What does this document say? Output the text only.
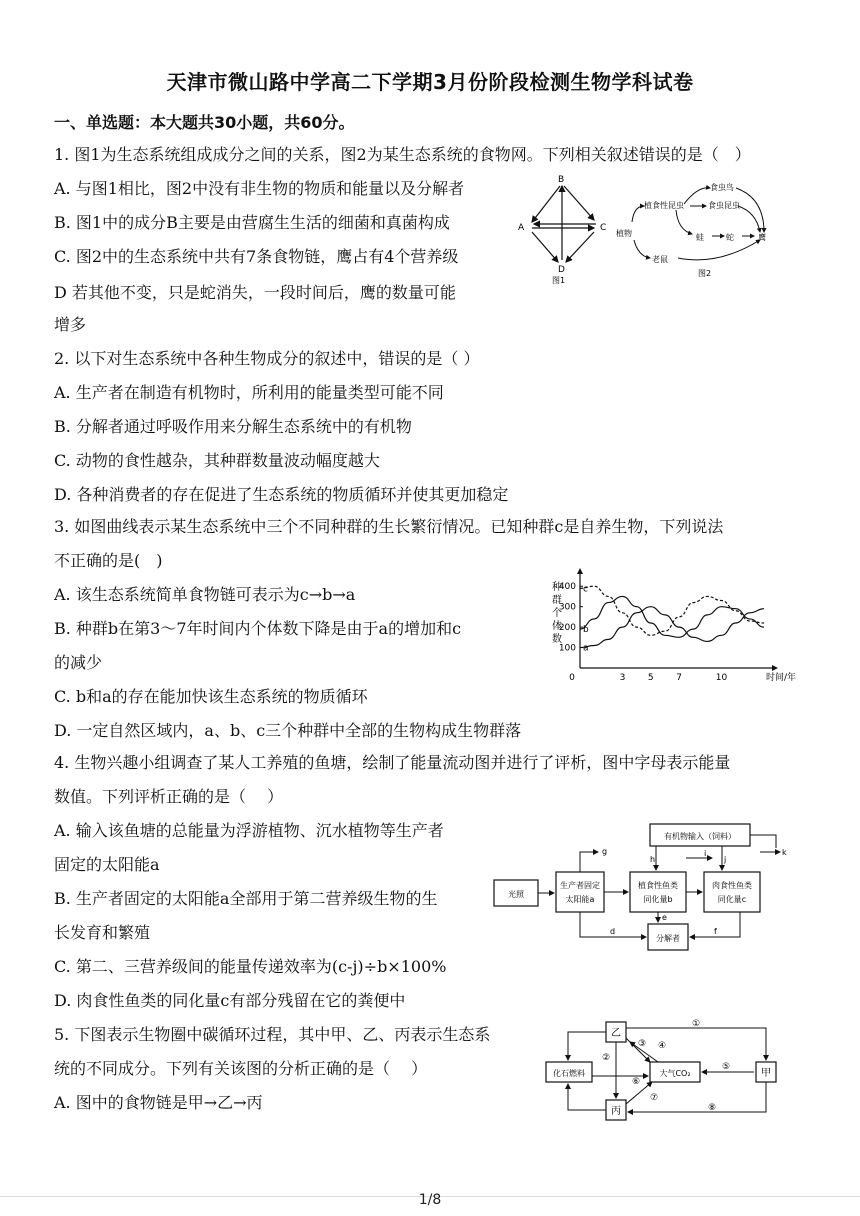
天津市微山路中学高二下学期3月份阶段检测生物学科试卷
一、单选题：本大题共30小题，共60分。
1. 图1为生态系统组成成分之间的关系，图2为某生态系统的食物网。下列相关叙述错误的是（　）
A. 与图1相比，图2中没有非生物的物质和能量以及分解者
B. 图1中的成分B主要是由营腐生生活的细菌和真菌构成
C. 图2中的生态系统中共有7条食物链，鹰占有4个营养级
D 若其他不变，只是蛇消失，一段时间后，鹰的数量可能
增多
B
A	C
D
图1
植物
植食性昆虫
食虫鸟
食虫昆虫
蛙	蛇	鹰
老鼠
图2
2. 以下对生态系统中各种生物成分的叙述中，错误的是（ ）
A. 生产者在制造有机物时，所利用的能量类型可能不同
B. 分解者通过呼吸作用来分解生态系统中的有机物
C. 动物的食性越杂，其种群数量波动幅度越大
D. 各种消费者的存在促进了生态系统的物质循环并使其更加稳定
3. 如图曲线表示某生态系统中三个不同种群的生长繁衍情况。已知种群c是自养生物，下列说法
不正确的是(　)
A. 该生态系统简单食物链可表示为c→b→a
B. 种群b在第3～7年时间内个体数下降是由于a的增加和c
的减少
C. b和a的存在能加快该生态系统的物质循环
D. 一定自然区域内，a、b、c三个种群中全部的生物构成生物群落
种
群
个
体
数
100
200
300
400
0	3	5	7	10	时间/年
c
b
a
4. 生物兴趣小组调查了某人工养殖的鱼塘，绘制了能量流动图并进行了评析，图中字母表示能量
数值。下列评析正确的是（　 ）
A. 输入该鱼塘的总能量为浮游植物、沉水植物等生产者
固定的太阳能a
B. 生产者固定的太阳能a全部用于第二营养级生物的生
长发育和繁殖
C. 第二、三营养级间的能量传递效率为(c-j)÷b×100%
D. 肉食性鱼类的同化量c有部分残留在它的粪便中
有机物输入（饲料）
光照
生产者固定
太阳能a
植食性鱼类
同化量b
肉食性鱼类
同化量c
分解者
g
h
i
j
k
d
e
f
5. 下图表示生物圈中碳循环过程，其中甲、乙、丙表示生态系
统的不同成分。下列有关该图的分析正确的是（　 ）
A. 图中的食物链是甲→乙→丙
乙
化石燃料	大气CO₂	甲
丙
①
②
③ ④
⑤
⑥
⑦
⑧
1/8
